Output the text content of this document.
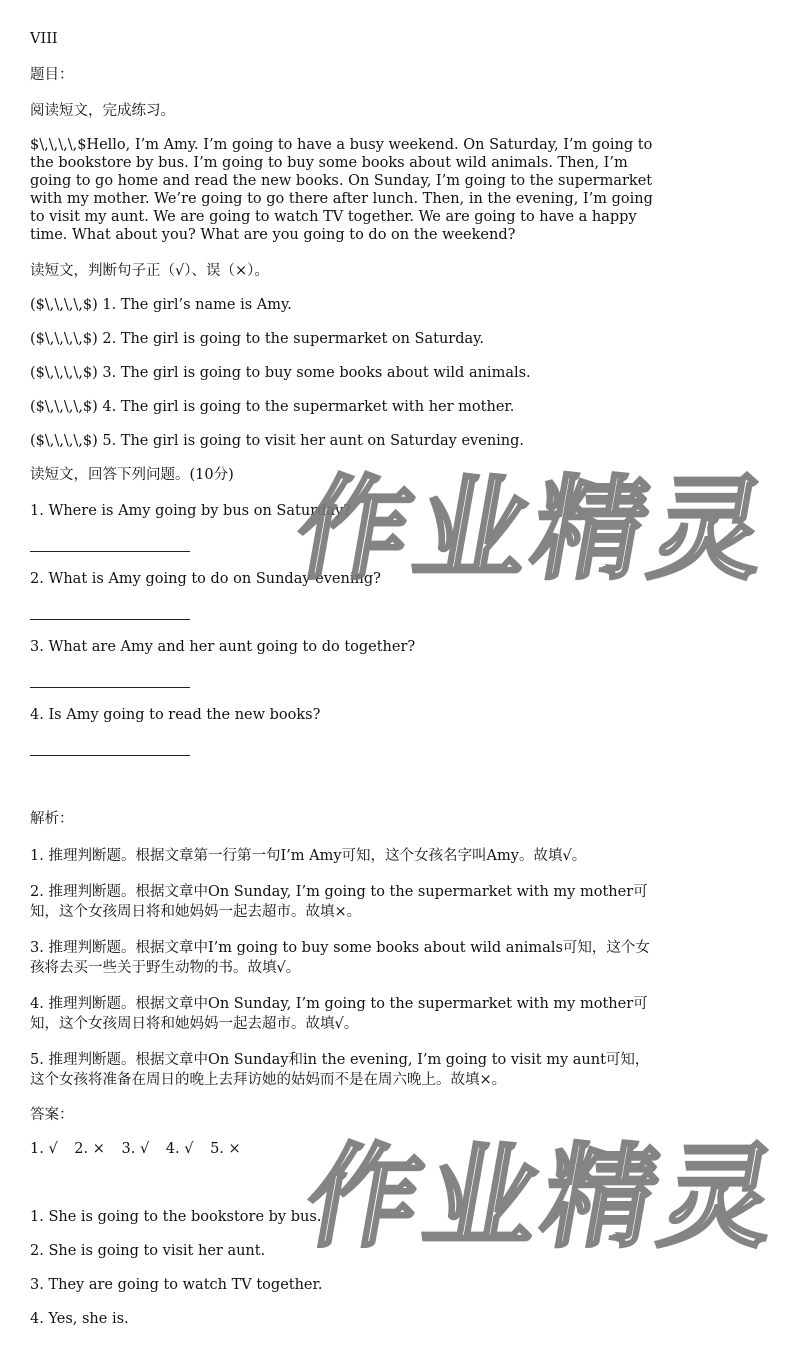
VIII
题目：
阅读短文，完成练习。
$\,\,\,\,$Hello, I’m Amy. I’m going to have a busy weekend. On Saturday, I’m going to the bookstore by bus. I’m going to buy some books about wild animals. Then, I’m going to go home and read the new books. On Sunday, I’m going to the supermarket with my mother. We’re going to go there after lunch. Then, in the evening, I’m going to visit my aunt. We are going to watch TV together. We are going to have a happy time. What about you? What are you going to do on the weekend?
读短文，判断句子正（√）、误（×）。
($\,\,\,\,$) 1. The girl’s name is Amy.
($\,\,\,\,$) 2. The girl is going to the supermarket on Saturday.
($\,\,\,\,$) 3. The girl is going to buy some books about wild animals.
($\,\,\,\,$) 4. The girl is going to the supermarket with her mother.
($\,\,\,\,$) 5. The girl is going to visit her aunt on Saturday evening.
读短文，回答下列问题。(10分)
1. Where is Amy going by bus on Saturday?
2. What is Amy going to do on Sunday evening?
3. What are Amy and her aunt going to do together?
4. Is Amy going to read the new books?
解析：
1. 推理判断题。根据文章第一行第一句I’m Amy可知，这个女孩名字叫Amy。故填√。
2. 推理判断题。根据文章中On Sunday, I’m going to the supermarket with my mother可知，这个女孩周日将和她妈妈一起去超市。故填×。
3. 推理判断题。根据文章中I’m going to buy some books about wild animals可知，这个女孩将去买一些关于野生动物的书。故填√。
4. 推理判断题。根据文章中On Sunday, I’m going to the supermarket with my mother可知，这个女孩周日将和她妈妈一起去超市。故填√。
5. 推理判断题。根据文章中On Sunday和in the evening, I’m going to visit my aunt可知，这个女孩将准备在周日的晚上去拜访她的姑妈而不是在周六晚上。故填×。
答案：
1. √ 2. × 3. √ 4. √ 5. ×
1. She is going to the bookstore by bus.
2. She is going to visit her aunt.
3. They are going to watch TV together.
4. Yes, she is.
作业精灵
作业精灵
